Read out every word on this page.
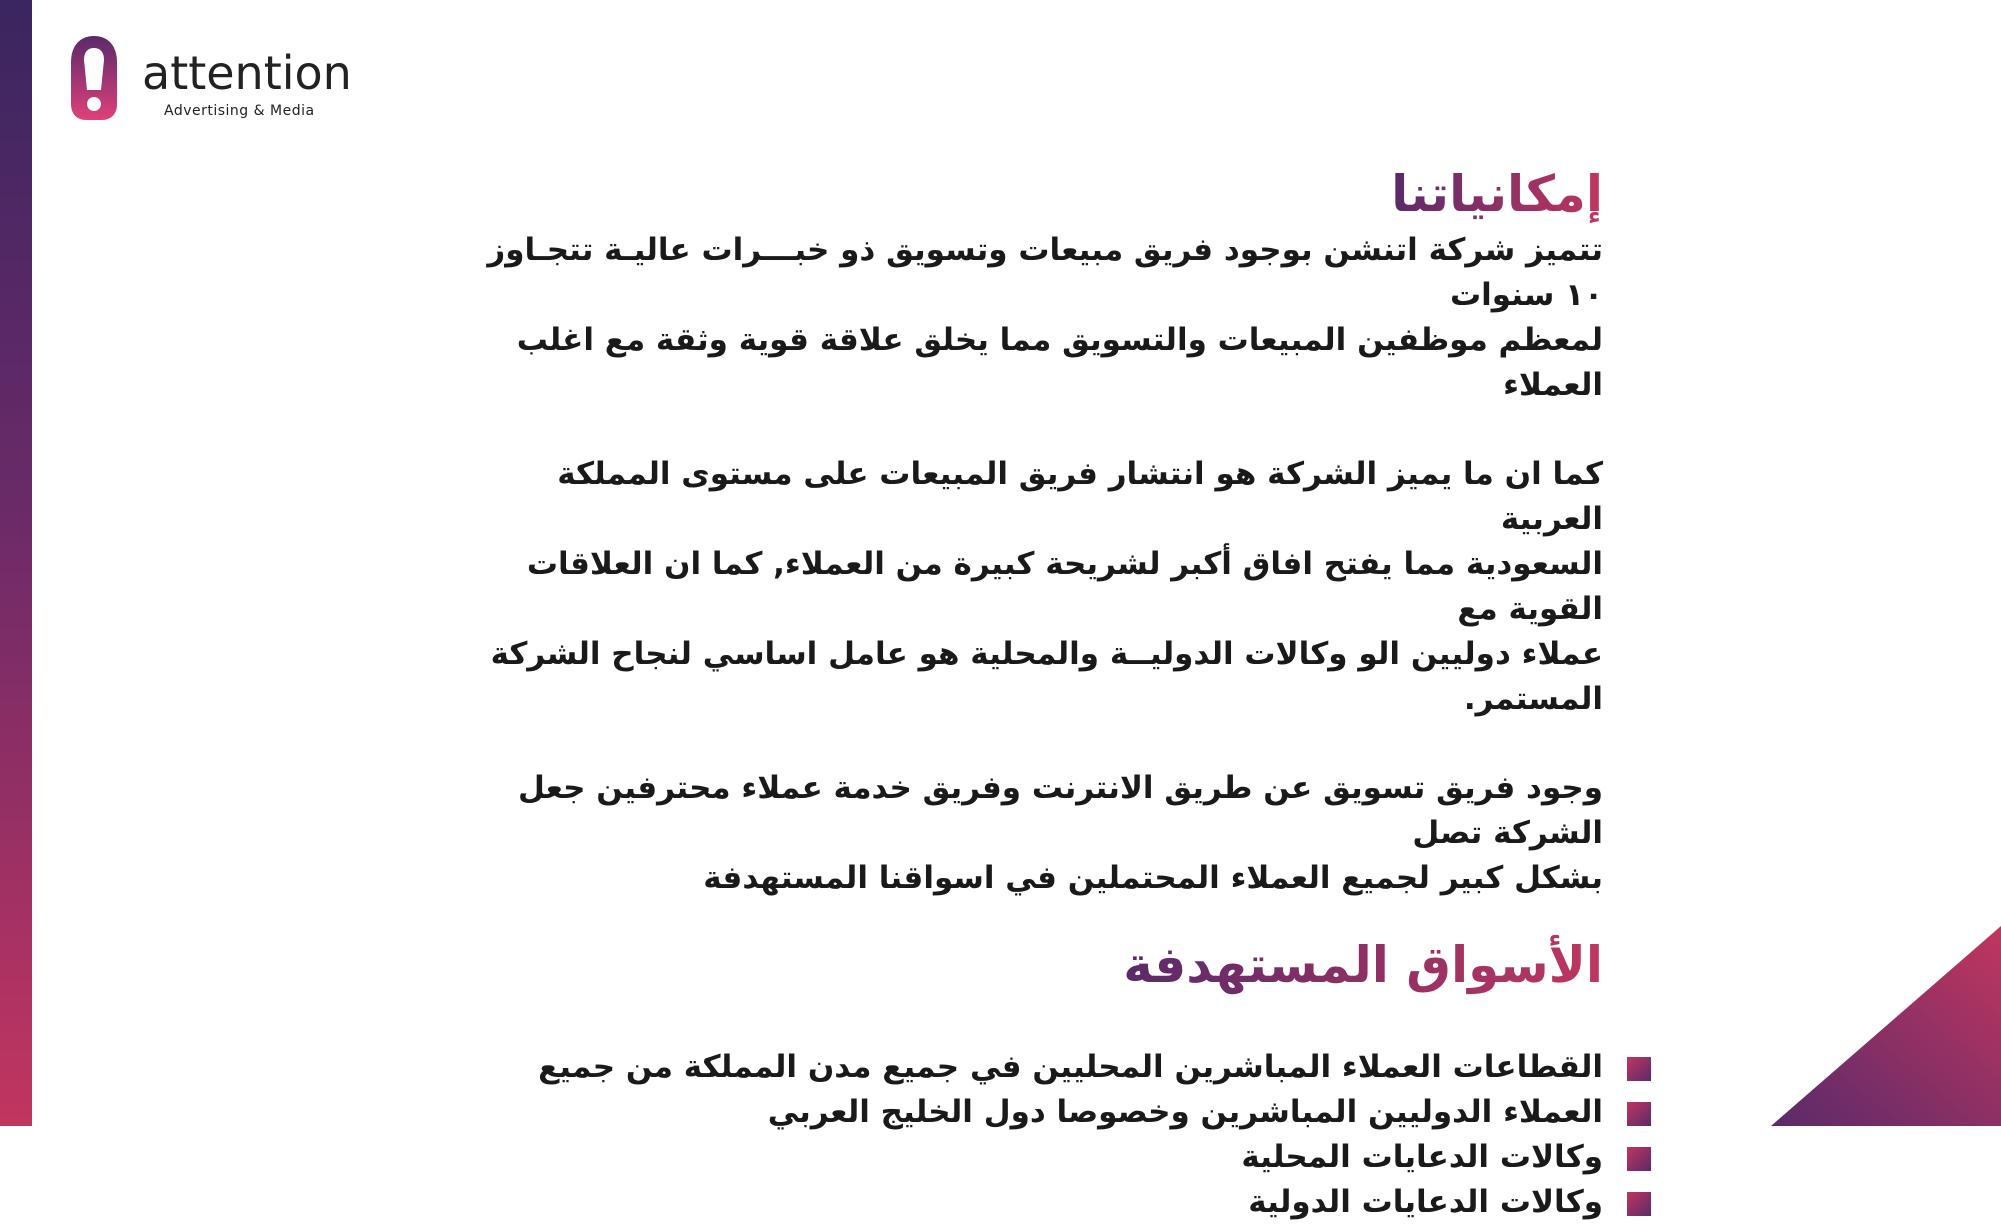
attention
Advertising & Media
إمكانياتنا

تتميز شركة اتنشن بوجود فريق مبيعات وتسويق ذو خبـــرات عاليـة تتجـاوز ١٠ سنوات

لمعظم موظفين المبيعات والتسويق مما يخلق علاقة قوية وثقة مع اغلب العملاء

كما ان ما يميز الشركة هو انتشار فريق المبيعات على مستوى المملكة العربية

السعودية مما يفتح افاق أكبر لشريحة كبيرة من العملاء, كما ان العلاقات القوية مع

عملاء دوليين الو وكالات الدوليــة والمحلية هو عامل اساسي لنجاح الشركة المستمر.

وجود فريق تسويق عن طريق الانترنت وفريق خدمة عملاء محترفين جعل الشركة تصل

بشكل كبير لجميع العملاء المحتملين في اسواقنا المستهدفة

الأسواق المستهدفة
القطاعات العملاء المباشرين المحليين في جميع مدن المملكة من جميع
العملاء الدوليين المباشرين وخصوصا دول الخليج العربي
وكالات الدعايات المحلية
وكالات الدعايات الدولية
